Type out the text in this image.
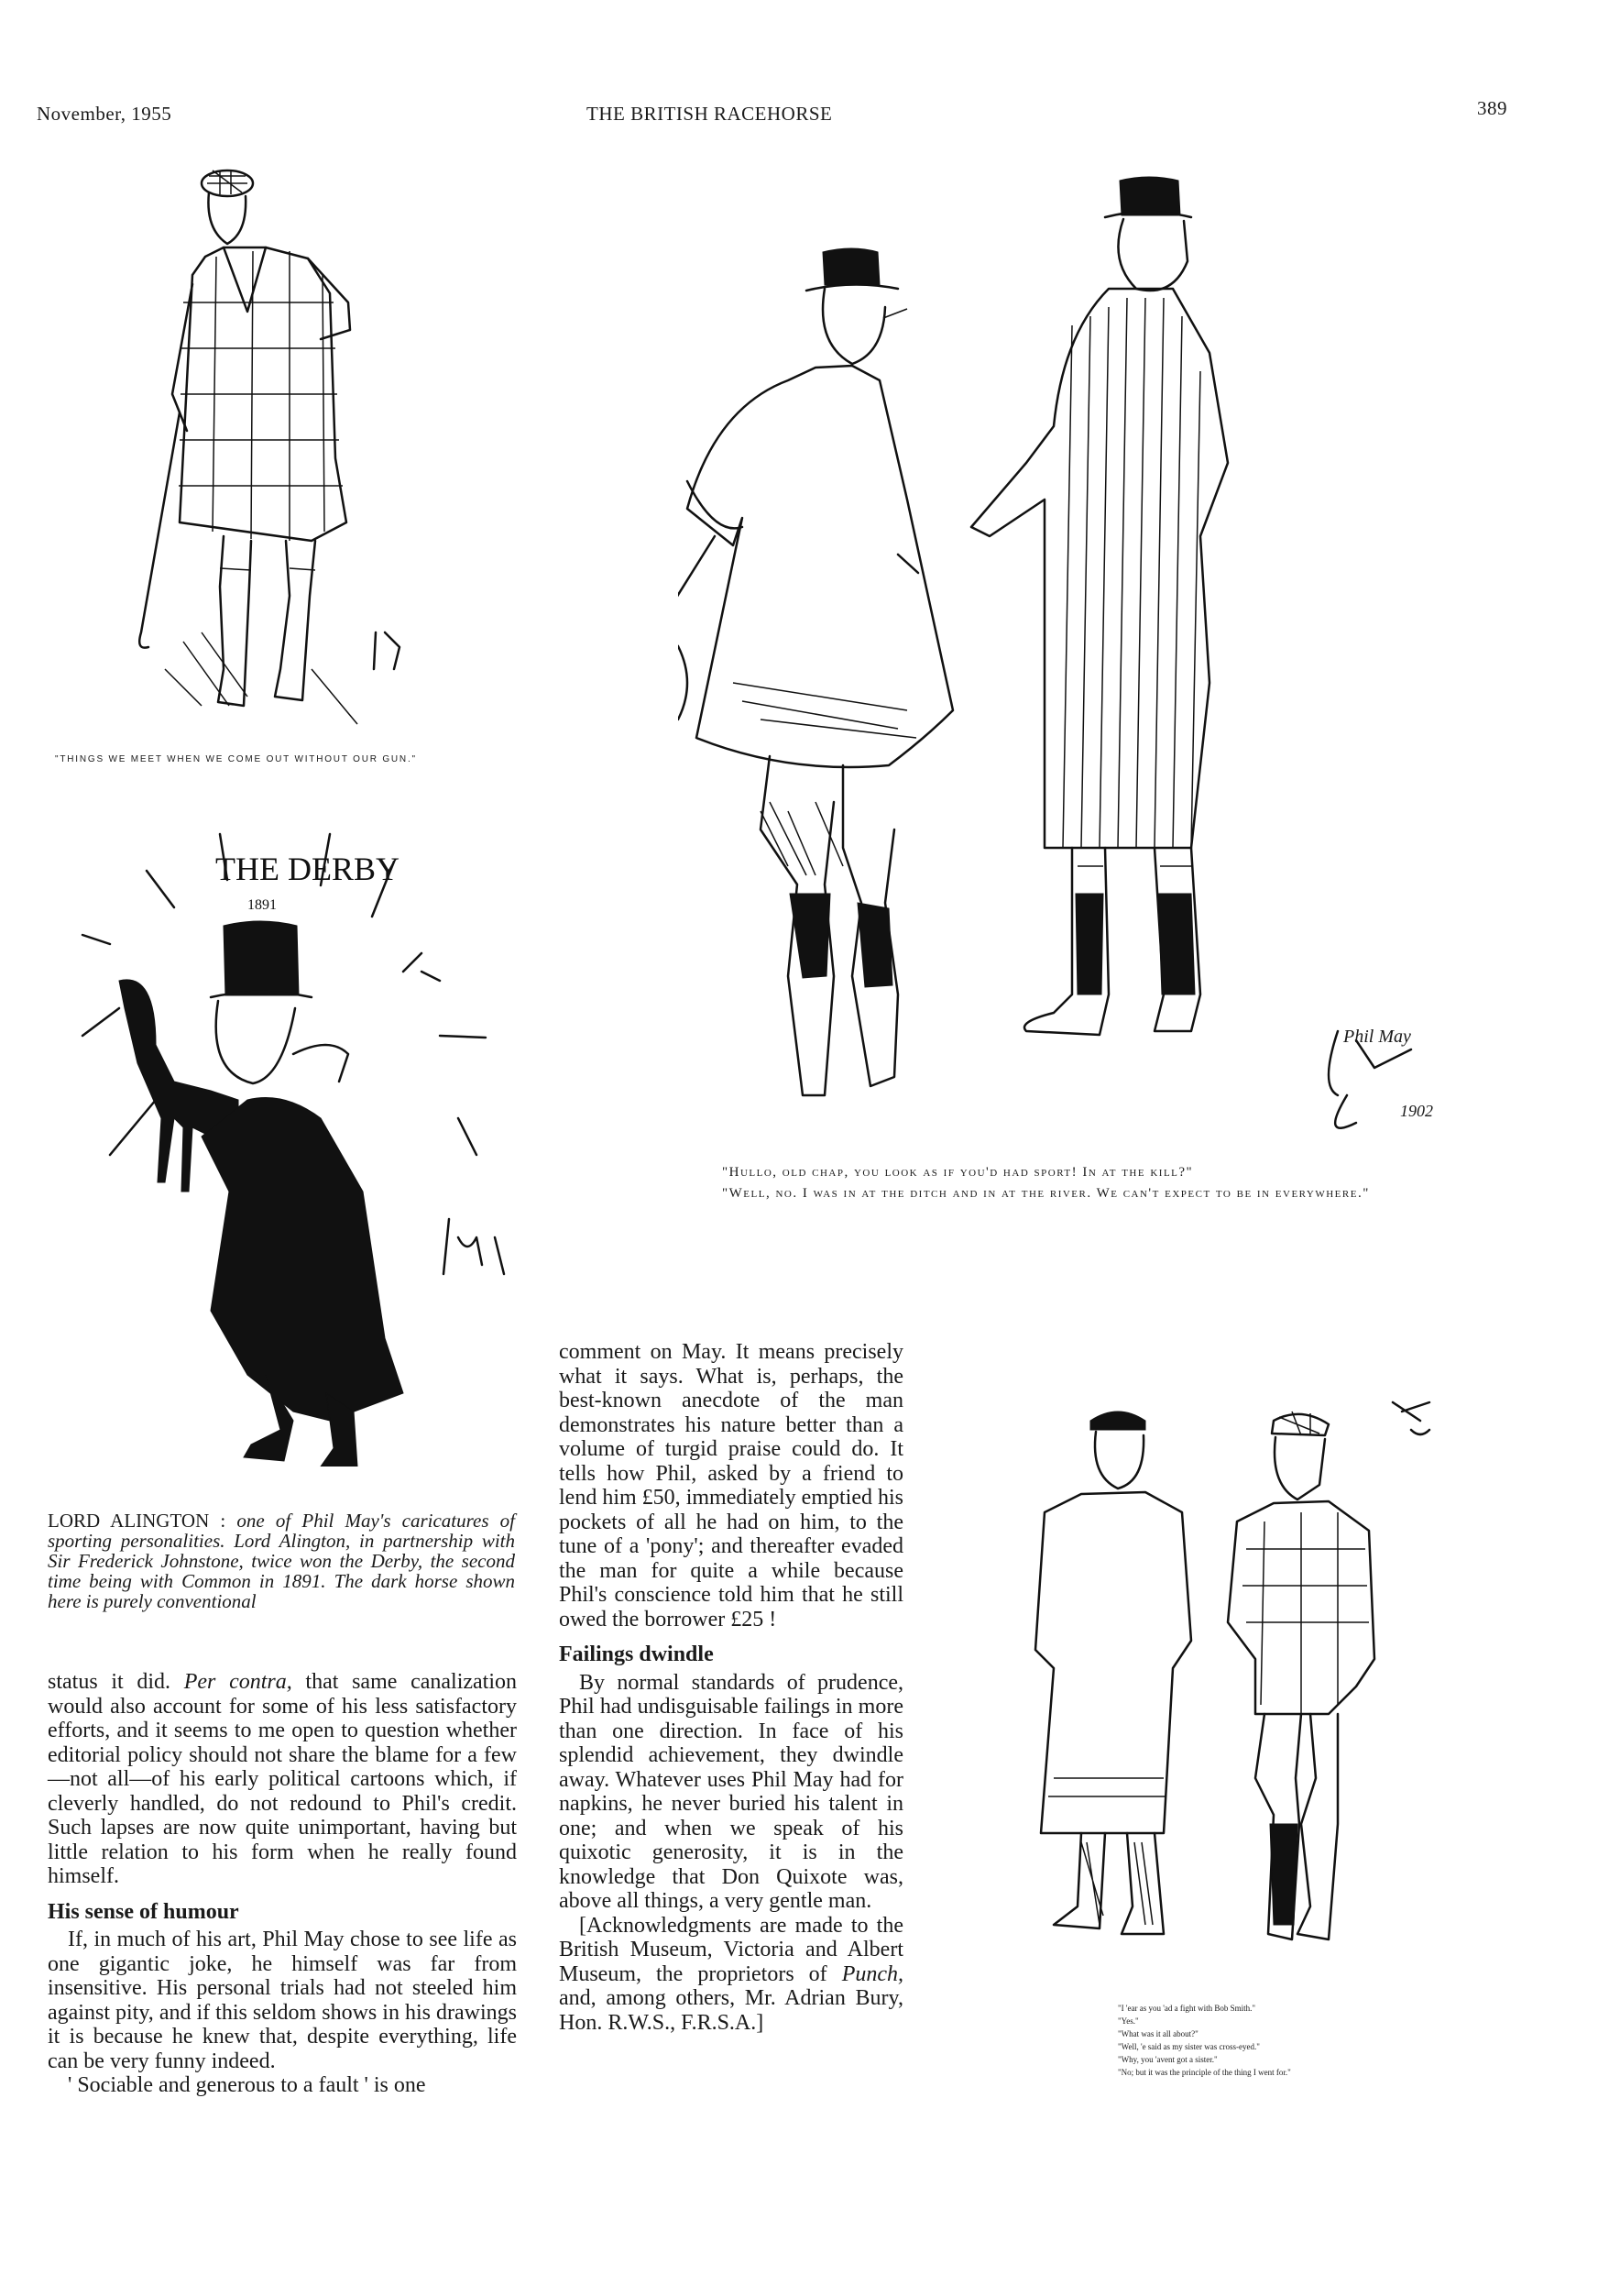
November, 1955	THE BRITISH RACEHORSE	389
"THINGS WE MEET WHEN WE COME OUT WITHOUT OUR GUN."
Phil May
1902
"Hullo, old chap, you look as if you'd had sport! In at the kill?"
"Well, no. I was in at the ditch and in at the river. We can't expect to be in everywhere."
THE DERBY
1891
LORD ALINGTON : one of Phil May's caricatures of sporting personalities. Lord Alington, in partnership with Sir Frederick Johnstone, twice won the Derby, the second time being with Common in 1891. The dark horse shown here is purely conventional

status it did. Per contra, that same canalization would also account for some of his less satisfactory efforts, and it seems to me open to question whether editorial policy should not share the blame for a few—not all—of his early political cartoons which, if cleverly handled, do not redound to Phil's credit. Such lapses are now quite unimportant, having but little relation to his form when he really found himself.

His sense of humour

If, in much of his art, Phil May chose to see life as one gigantic joke, he himself was far from insensitive. His personal trials had not steeled him against pity, and if this seldom shows in his drawings it is because he knew that, despite everything, life can be very funny indeed.

' Sociable and generous to a fault ' is one

comment on May. It means precisely what it says. What is, perhaps, the best-known anecdote of the man demonstrates his nature better than a volume of turgid praise could do. It tells how Phil, asked by a friend to lend him £50, immediately emptied his pockets of all he had on him, to the tune of a 'pony'; and thereafter evaded the man for quite a while because Phil's conscience told him that he still owed the borrower £25 !

Failings dwindle

By normal standards of prudence, Phil had undisguisable failings in more than one direction. In face of his splendid achievement, they dwindle away. Whatever uses Phil May had for napkins, he never buried his talent in one; and when we speak of his quixotic generosity, it is in the knowledge that Don Quixote was, above all things, a very gentle man.

[Acknowledgments are made to the British Museum, Victoria and Albert Museum, the proprietors of Punch, and, among others, Mr. Adrian Bury, Hon. R.W.S., F.R.S.A.]

"I 'ear as you 'ad a fight with Bob Smith."
"Yes."
"What was it all about?"
"Well, 'e said as my sister was cross-eyed."
"Why, you 'avent got a sister."
"No; but it was the principle of the thing I went for."
